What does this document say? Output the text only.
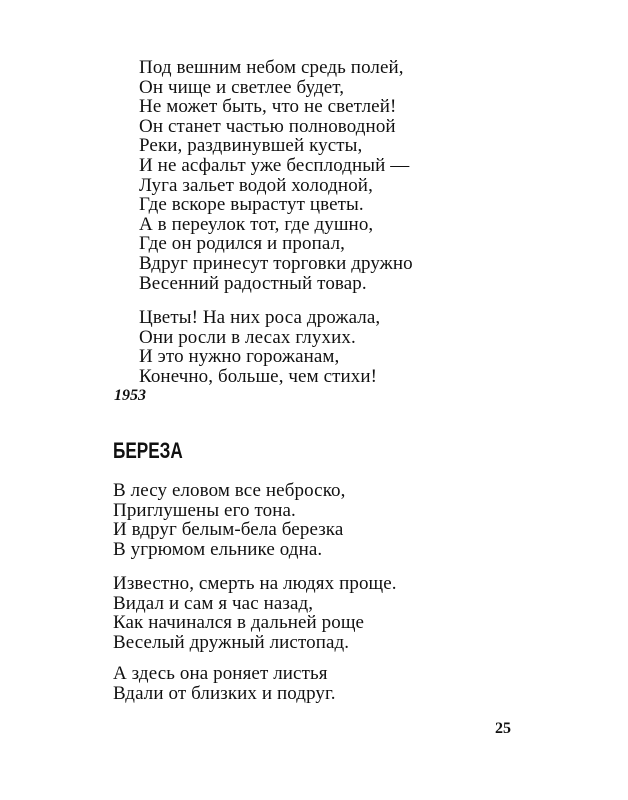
Под вешним небом средь полей,
Он чище и светлее будет,
Не может быть, что не светлей!
Он станет частью полноводной
Реки, раздвинувшей кусты,
И не асфальт уже бесплодный —
Луга зальет водой холодной,
Где вскоре вырастут цветы.
А в переулок тот, где душно,
Где он родился и пропал,
Вдруг принесут торговки дружно
Весенний радостный товар.
Цветы! На них роса дрожала,
Они росли в лесах глухих.
И это нужно горожанам,
Конечно, больше, чем стихи!
1953
БЕРЕЗА
В лесу еловом все неброско,
Приглушены его тона.
И вдруг белым-бела березка
В угрюмом ельнике одна.
Известно, смерть на людях проще.
Видал и сам я час назад,
Как начинался в дальней роще
Веселый дружный листопад.
А здесь она роняет листья
Вдали от близких и подруг.
25
